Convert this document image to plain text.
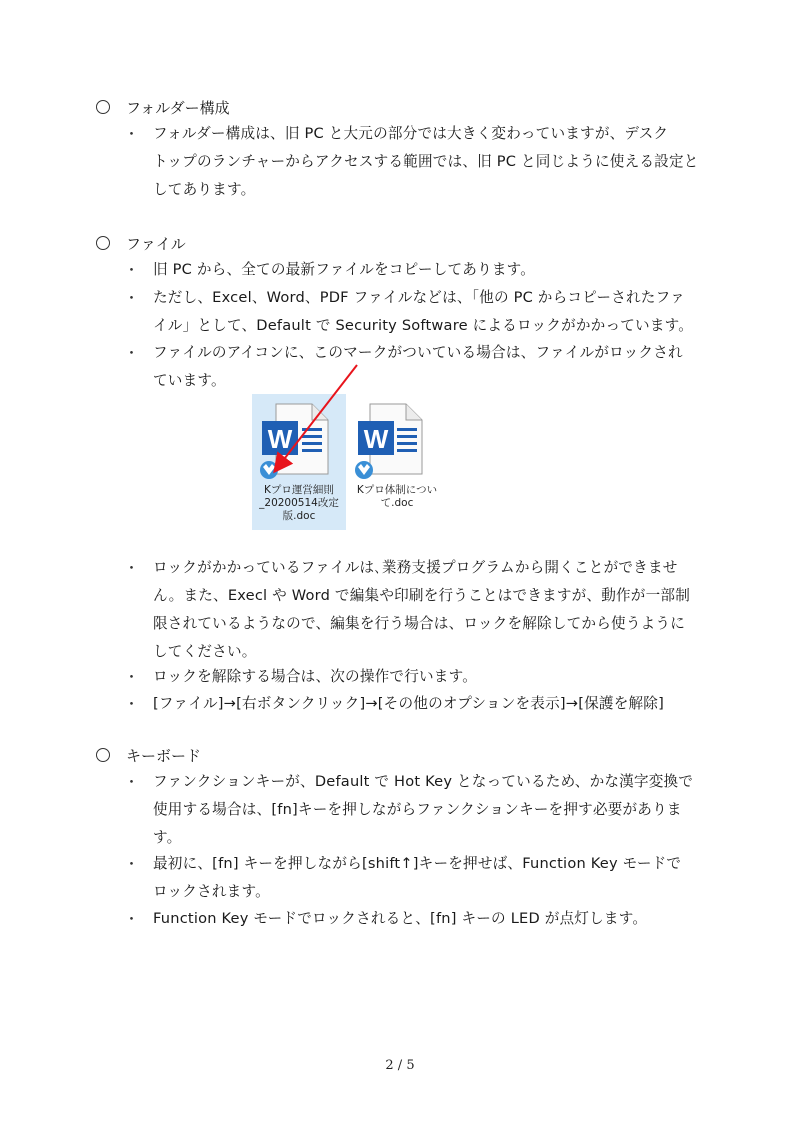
フォルダー構成
・ フォルダー構成は、旧 PC と大元の部分では大きく変わっていますが、デスク
トップのランチャーからアクセスする範囲では、旧 PC と同じように使える設定と
してあります。
ファイル
・ 旧 PC から、全ての最新ファイルをコピーしてあります。
・ ただし、Excel、Word、PDF ファイルなどは、「他の PC からコピーされたファ
イル」として、Default で Security Software によるロックがかかっています。
・ ファイルのアイコンに、このマークがついている場合は、ファイルがロックされ
ています。
W
Kプロ運営細則
_20200514改定
版.doc
W
Kプロ体制につい
て.doc
・ ロックがかかっているファイルは､業務支援プログラムから開くことができませ
ん。また、Execl や Word で編集や印刷を行うことはできますが、動作が一部制
限されているようなので、編集を行う場合は、ロックを解除してから使うように
してください。
・ ロックを解除する場合は、次の操作で行います。
・ [ファイル]→[右ボタンクリック]→[その他のオプションを表示]→[保護を解除]
キーボード
・ ファンクションキーが、Default で Hot Key となっているため、かな漢字変換で
使用する場合は、[fn]キーを押しながらファンクションキーを押す必要がありま
す。
・ 最初に、[fn] キーを押しながら[shift↑]キーを押せば、Function Key モードで
ロックされます。
・ Function Key モードでロックされると、[fn] キーの LED が点灯します。
2 / 5
